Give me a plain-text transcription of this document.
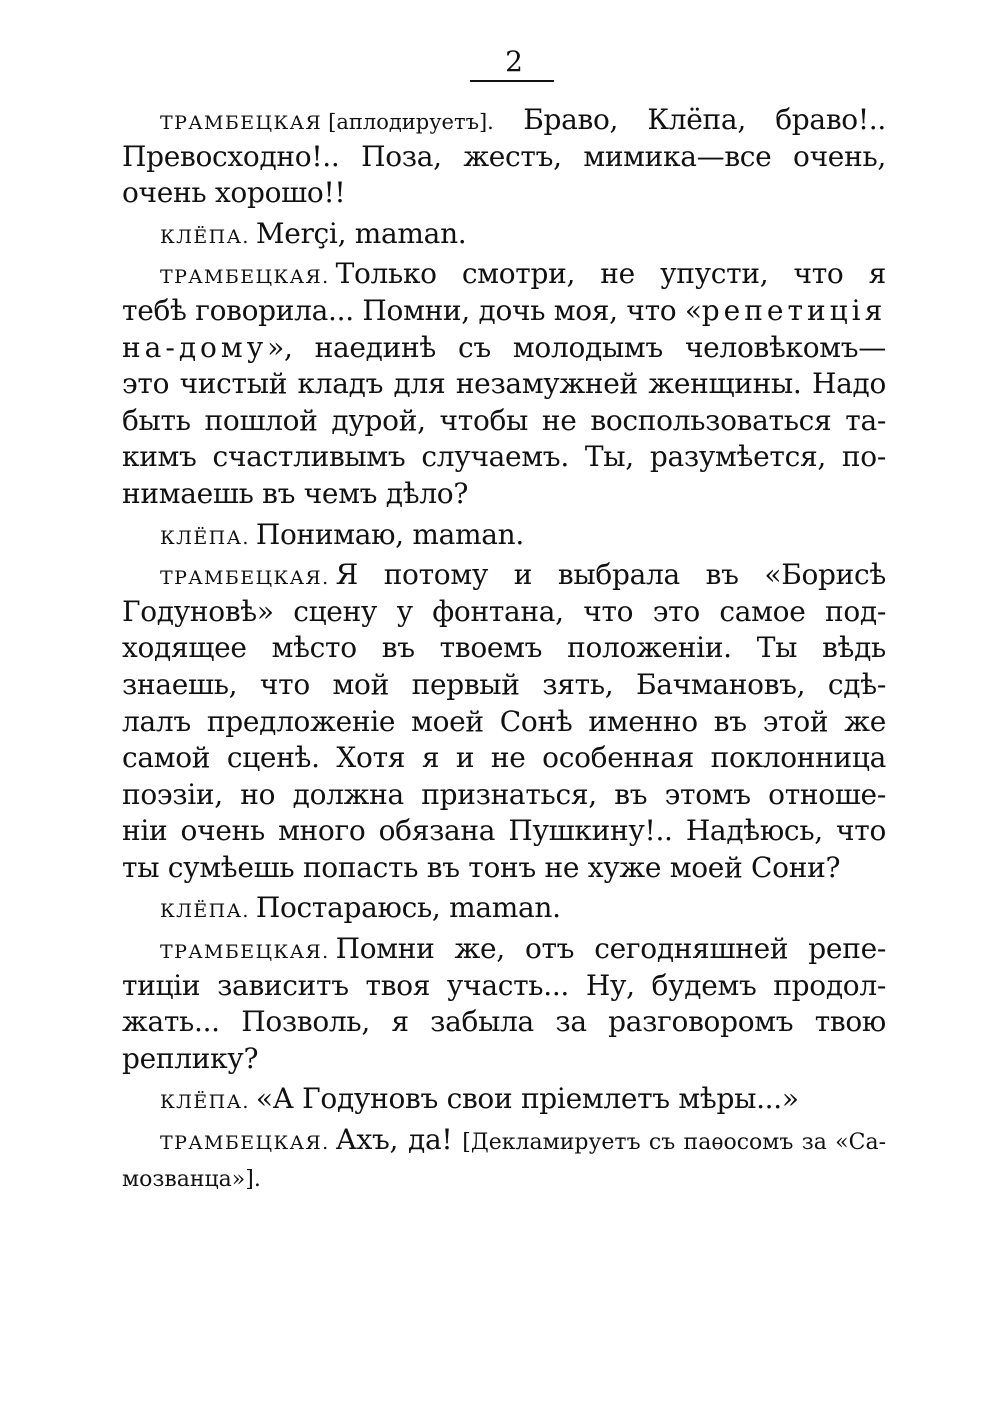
2
ТРАМБЕЦКАЯ [аплодируетъ]. Браво, Клёпа, браво!..
Превосходно!.. Поза, жестъ, мимика—все очень,
очень хорошо!!
КЛЁПА. Merçi, maman.
ТРАМБЕЦКАЯ. Только смотри, не упусти, что я
тебѣ говорила... Помни, дочь моя, что «репетиція
на-дому», наединѣ съ молодымъ человѣкомъ—
это чистый кладъ для незамужней женщины. Надо
быть пошлой дурой, чтобы не воспользоваться та-
кимъ счастливымъ случаемъ. Ты, разумѣется, по-
нимаешь въ чемъ дѣло?
КЛЁПА. Понимаю, maman.
ТРАМБЕЦКАЯ. Я потому и выбрала въ «Борисѣ
Годуновѣ» сцену у фонтана, что это самое под-
ходящее мѣсто въ твоемъ положеніи. Ты вѣдь
знаешь, что мой первый зять, Бачмановъ, сдѣ-
лалъ предложеніе моей Сонѣ именно въ этой же
самой сценѣ. Хотя я и не особенная поклонница
поэзіи, но должна признаться, въ этомъ отноше-
ніи очень много обязана Пушкину!.. Надѣюсь, что
ты сумѣешь попасть въ тонъ не хуже моей Сони?
КЛЁПА. Постараюсь, maman.
ТРАМБЕЦКАЯ. Помни же, отъ сегодняшней репе-
тиціи зависитъ твоя участь... Ну, будемъ продол-
жать... Позволь, я забыла за разговоромъ твою
реплику?
КЛЁПА. «А Годуновъ свои пріемлетъ мѣры...»
ТРАМБЕЦКАЯ. Ахъ, да! [Декламируетъ съ паѳосомъ за «Са-
мозванца»].
